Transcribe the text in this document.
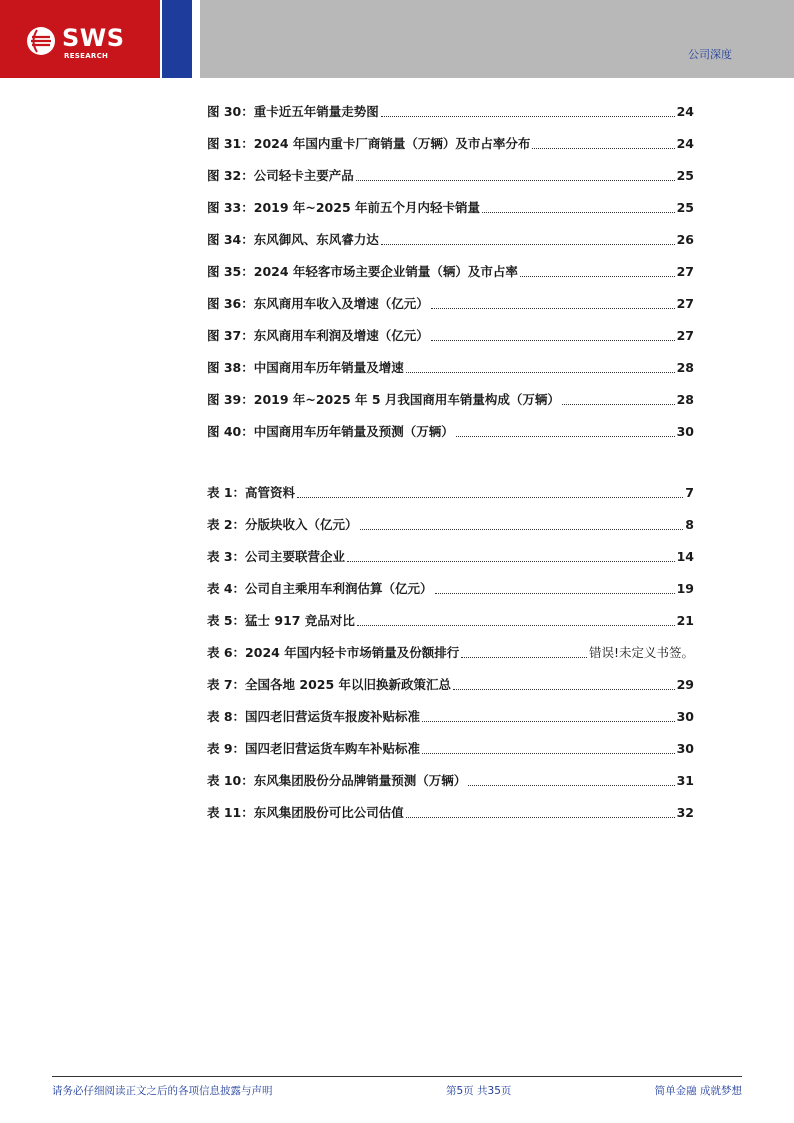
SWS
RESEARCH	公司深度
图 30：重卡近五年销量走势图	24
图 31：2024 年国内重卡厂商销量（万辆）及市占率分布	24
图 32：公司轻卡主要产品	25
图 33：2019 年~2025 年前五个月内轻卡销量	25
图 34：东风御风、东风睿力达	26
图 35：2024 年轻客市场主要企业销量（辆）及市占率	27
图 36：东风商用车收入及增速（亿元）	27
图 37：东风商用车利润及增速（亿元）	27
图 38：中国商用车历年销量及增速	28
图 39：2019 年~2025 年 5 月我国商用车销量构成（万辆）	28
图 40：中国商用车历年销量及预测（万辆）	30
表 1：高管资料	7
表 2：分版块收入（亿元）	8
表 3：公司主要联营企业	14
表 4：公司自主乘用车利润估算（亿元）	19
表 5：猛士 917 竞品对比	21
表 6：2024 年国内轻卡市场销量及份额排行	错误!未定义书签。
表 7：全国各地 2025 年以旧换新政策汇总	29
表 8：国四老旧营运货车报废补贴标准	30
表 9：国四老旧营运货车购车补贴标准	30
表 10：东风集团股份分品牌销量预测（万辆）	31
表 11：东风集团股份可比公司估值	32
请务必仔细阅读正文之后的各项信息披露与声明	第5页 共35页	简单金融 成就梦想
